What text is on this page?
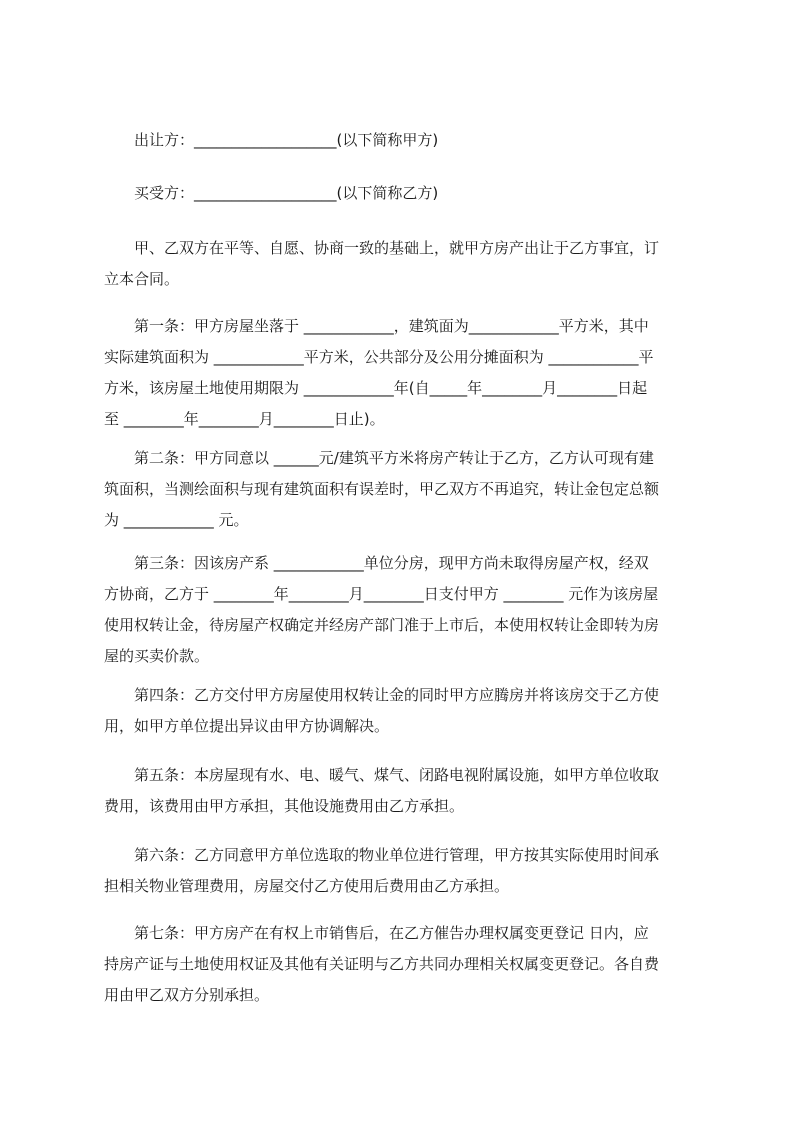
出让方：___________________(以下简称甲方)

买受方：___________________(以下简称乙方)

甲、乙双方在平等、自愿、协商一致的基础上，就甲方房产出让于乙方事宜，订
立本合同。

第一条：甲方房屋坐落于 ____________，建筑面为____________平方米，其中
实际建筑面积为 ____________平方米，公共部分及公用分摊面积为 ____________平
方米，该房屋土地使用期限为 ____________年(自_____年________月________日起
至 ________年________月________日止)。

第二条：甲方同意以 ______元/建筑平方米将房产转让于乙方，乙方认可现有建
筑面积，当测绘面积与现有建筑面积有误差时，甲乙双方不再追究，转让金包定总额
为 ____________ 元。

第三条：因该房产系 ____________单位分房，现甲方尚未取得房屋产权，经双
方协商，乙方于 ________年________月________日支付甲方 ________ 元作为该房屋
使用权转让金，待房屋产权确定并经房产部门准于上市后，本使用权转让金即转为房
屋的买卖价款。

第四条：乙方交付甲方房屋使用权转让金的同时甲方应腾房并将该房交于乙方使
用，如甲方单位提出异议由甲方协调解决。

第五条：本房屋现有水、电、暖气、煤气、闭路电视附属设施，如甲方单位收取
费用，该费用由甲方承担，其他设施费用由乙方承担。

第六条：乙方同意甲方单位选取的物业单位进行管理，甲方按其实际使用时间承
担相关物业管理费用，房屋交付乙方使用后费用由乙方承担。

第七条：甲方房产在有权上市销售后，在乙方催告办理权属变更登记 日内，应
持房产证与土地使用权证及其他有关证明与乙方共同办理相关权属变更登记。各自费
用由甲乙双方分别承担。
